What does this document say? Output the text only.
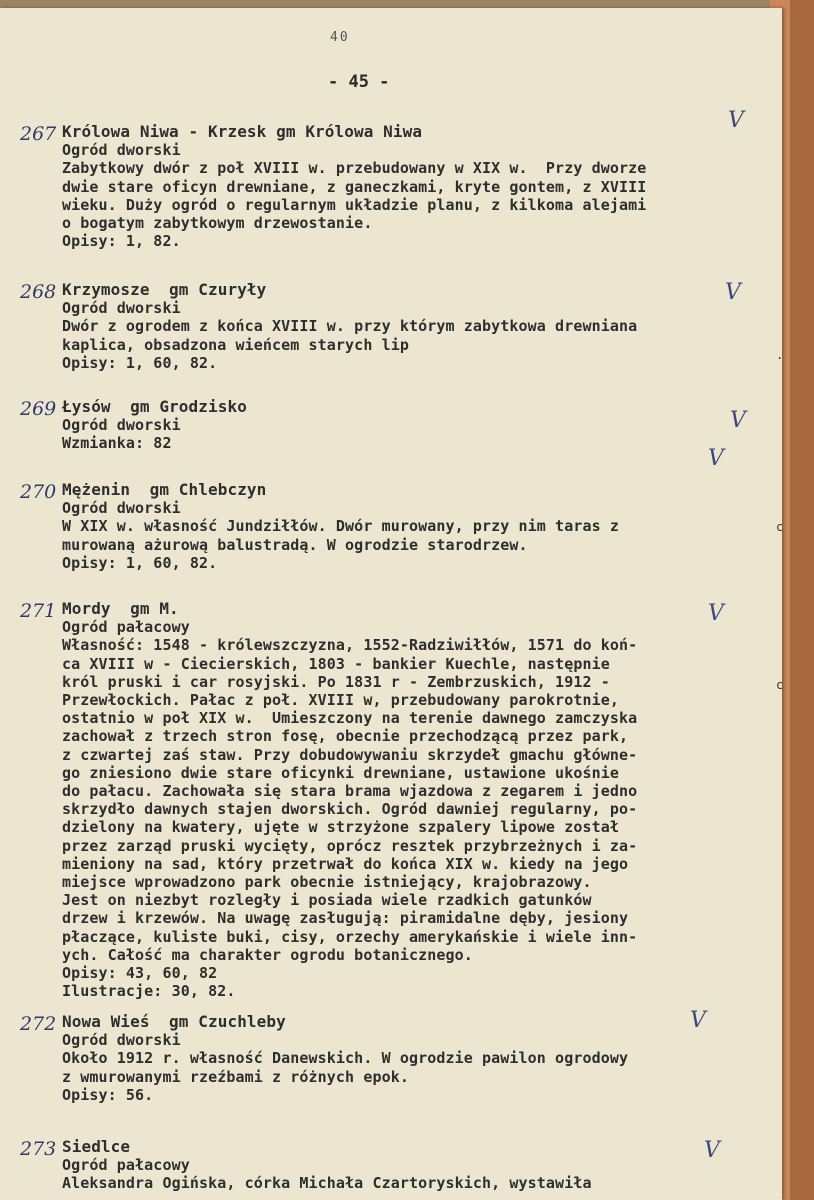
40
- 45 -
.
c
c
267 Królowa Niwa - Krzesk gm Królowa Niwa
Ogród dworski
Zabytkowy dwór z poł XVIII w. przebudowany w XIX w.  Przy dworze
dwie stare oficyn drewniane, z ganeczkami, kryte gontem, z XVIII
wieku. Duży ogród o regularnym układzie planu, z kilkoma alejami
o bogatym zabytkowym drzewostanie.
Opisy: 1, 82.
V
268 Krzymosze  gm Czuryły
Ogród dworski
Dwór z ogrodem z końca XVIII w. przy którym zabytkowa drewniana
kaplica, obsadzona wieńcem starych lip
Opisy: 1, 60, 82.
V
269 Łysów  gm Grodzisko
Ogród dworski
Wzmianka: 82
V
270 Mężenin  gm Chlebczyn
Ogród dworski
W XIX w. własność Jundziłłów. Dwór murowany, przy nim taras z
murowaną ażurową balustradą. W ogrodzie starodrzew.
Opisy: 1, 60, 82.
V
271 Mordy  gm M.
Ogród pałacowy
Własność: 1548 - królewszczyzna, 1552-Radziwiłłów, 1571 do koń-
ca XVIII w - Ciecierskich, 1803 - bankier Kuechle, następnie
król pruski i car rosyjski. Po 1831 r - Zembrzuskich, 1912 -
Przewłockich. Pałac z poł. XVIII w, przebudowany parokrotnie,
ostatnio w poł XIX w.  Umieszczony na terenie dawnego zamczyska
zachował z trzech stron fosę, obecnie przechodzącą przez park,
z czwartej zaś staw. Przy dobudowywaniu skrzydeł gmachu główne-
go zniesiono dwie stare oficynki drewniane, ustawione ukośnie
do pałacu. Zachowała się stara brama wjazdowa z zegarem i jedno
skrzydło dawnych stajen dworskich. Ogród dawniej regularny, po-
dzielony na kwatery, ujęte w strzyżone szpalery lipowe został
przez zarząd pruski wycięty, oprócz resztek przybrzeżnych i za-
mieniony na sad, który przetrwał do końca XIX w. kiedy na jego
miejsce wprowadzono park obecnie istniejący, krajobrazowy.
Jest on niezbyt rozległy i posiada wiele rzadkich gatunków
drzew i krzewów. Na uwagę zasługują: piramidalne dęby, jesiony
płaczące, kuliste buki, cisy, orzechy amerykańskie i wiele inn-
ych. Całość ma charakter ogrodu botanicznego.
Opisy: 43, 60, 82
Ilustracje: 30, 82.
V
272 Nowa Wieś  gm Czuchleby
Ogród dworski
Około 1912 r. własność Danewskich. W ogrodzie pawilon ogrodowy
z wmurowanymi rzeźbami z różnych epok.
Opisy: 56.
V
273 Siedlce
Ogród pałacowy
Aleksandra Ogińska, córka Michała Czartoryskich, wystawiła
V
